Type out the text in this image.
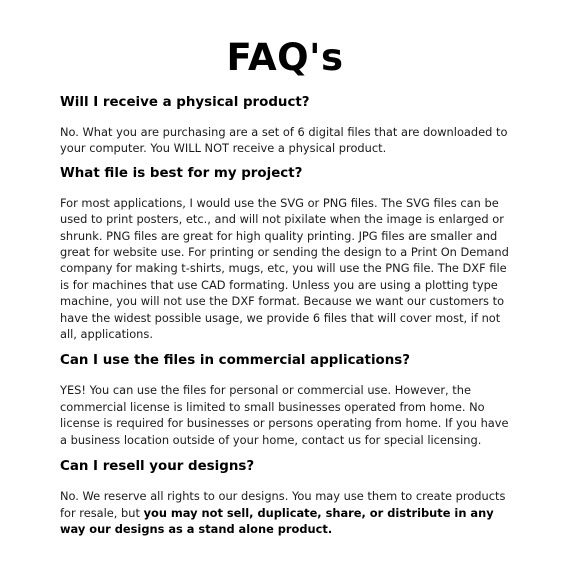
FAQ's

Will I receive a physical product?

No. What you are purchasing are a set of 6 digital files that are downloaded to your computer. You WILL NOT receive a physical product.

What file is best for my project?

For most applications, I would use the SVG or PNG files. The SVG files can be used to print posters, etc., and will not pixilate when the image is enlarged or shrunk. PNG files are great for high quality printing. JPG files are smaller and great for website use. For printing or sending the design to a Print On Demand company for making t-shirts, mugs, etc, you will use the PNG file. The DXF file is for machines that use CAD formating. Unless you are using a plotting type machine, you will not use the DXF format. Because we want our customers to have the widest possible usage, we provide 6 files that will cover most, if not all, applications.

Can I use the files in commercial applications?

YES! You can use the files for personal or commercial use. However, the commercial license is limited to small businesses operated from home. No license is required for businesses or persons operating from home. If you have a business location outside of your home, contact us for special licensing.

Can I resell your designs?

No. We reserve all rights to our designs. You may use them to create products for resale, but you may not sell, duplicate, share, or distribute in any way our designs as a stand alone product.
